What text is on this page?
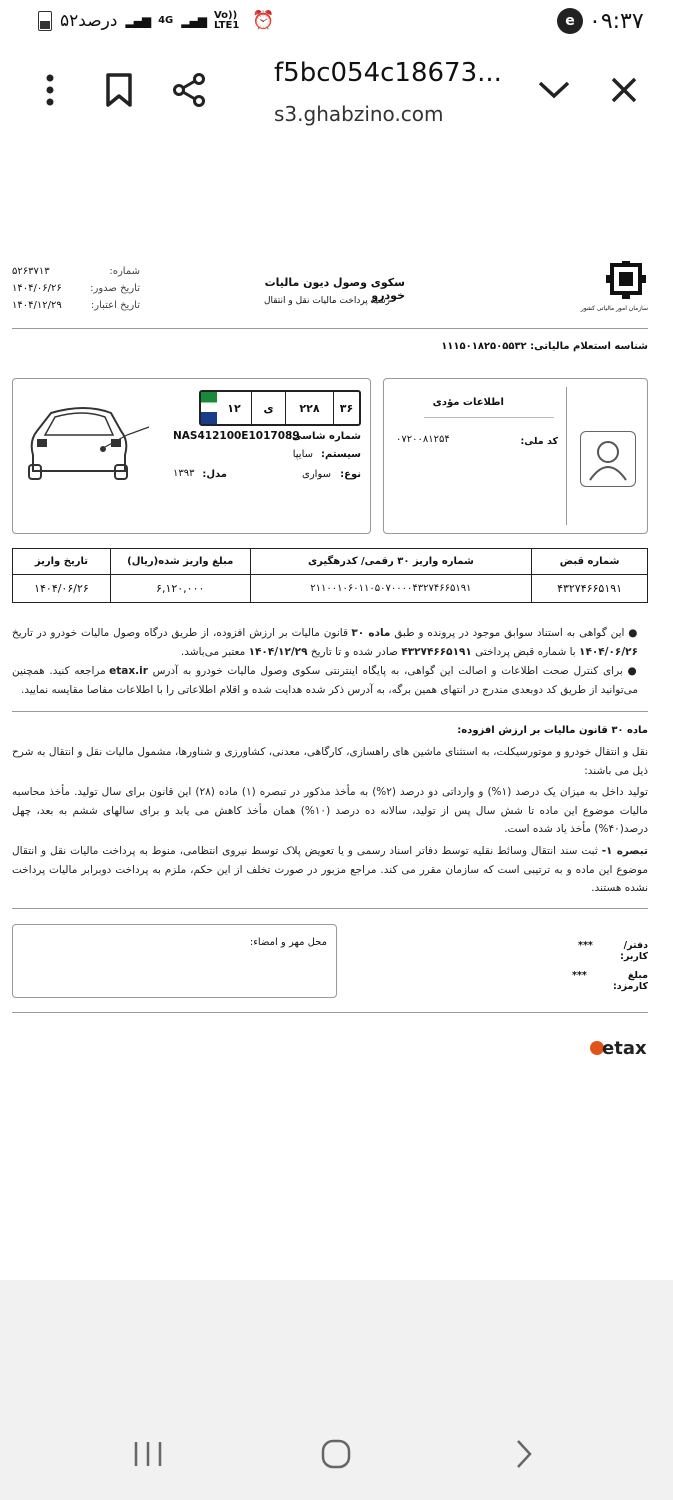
۵۲درصد ▂▄▆ 4G ▂▄▆ Vo)) LTE1 ⏰	e ۰۹:۳۷
f5bc054c18673...
s3.ghabzino.com
سازمان امور مالیاتی کشور
سکوی وصول دیون مالیات خودرو
رسید پرداخت مالیات نقل و انتقال
شماره:
۵۲۶۳۷۱۳
تاریخ صدور:
۱۴۰۴/۰۶/۲۶
تاریخ اعتبار:
۱۴۰۴/۱۲/۲۹
شناسه استعلام مالیاتی: ۱۱۱۵۰۱۸۲۵۰۵۵۳۲
اطلاعات مؤدی
کد ملی:
۰۷۲۰۰۸۱۲۵۴
۳۶
۲۲۸
ی
۱۲
شماره شاسی:
NAS412100E1017089
سیستم:
سایپا
نوع:
سواری
مدل:
۱۳۹۳
شماره قبض	شماره واریز ۳۰ رقمی/ کدرهگیری	مبلغ واریز شده(ریال)	تاریخ واریز
۴۳۲۷۴۶۶۵۱۹۱	۲۱۱۰۰۱۰۶۰۱۱۰۵۰۷۰۰۰۰۴۳۲۷۴۶۶۵۱۹۱	۶,۱۲۰,۰۰۰	۱۴۰۴/۰۶/۲۶
● این گواهی به استناد سوابق موجود در پرونده و طبق ماده ۳۰ قانون مالیات بر ارزش افزوده، از طریق درگاه وصول مالیات خودرو در تاریخ ۱۴۰۴/۰۶/۲۶ با شماره قبض پرداختی ۴۳۲۷۴۶۶۵۱۹۱ صادر شده و تا تاریخ ۱۴۰۴/۱۲/۲۹ معتبر می‌باشد.
● برای کنترل صحت اطلاعات و اصالت این گواهی، به پایگاه اینترنتی سکوی وصول مالیات خودرو به آدرس etax.ir مراجعه کنید. همچنین می‌توانید از طریق کد دوبعدی مندرج در انتهای همین برگه، به آدرس ذکر شده هدایت شده و اقلام اطلاعاتی را با اطلاعات مفاصا مقایسه نمایید.
ماده ۳۰ قانون مالیات بر ارزش افزوده:
نقل و انتقال خودرو و موتورسیکلت، به استثنای ماشین های راهسازی، کارگاهی، معدنی، کشاورزی و شناورها، مشمول مالیات نقل و انتقال به شرح ذیل می باشند:
تولید داخل به میزان یک درصد (۱%) و وارداتی دو درصد (۲%) به مأخذ مذکور در تبصره (۱) ماده (۲۸) این قانون برای سال تولید. مأخذ محاسبه مالیات موضوع این ماده تا شش سال پس از تولید، سالانه ده درصد (۱۰%) همان مأخذ کاهش می یابد و برای سالهای ششم به بعد، چهل درصد(۴۰%) مأخذ یاد شده است.
تبصره ۱- ثبت سند انتقال وسائط نقلیه توسط دفاتر اسناد رسمی و یا تعویض پلاک توسط نیروی انتظامی، منوط به پرداخت مالیات نقل و انتقال موضوع این ماده و به ترتیبی است که سازمان مقرر می کند. مراجع مزبور در صورت تخلف از این حکم، ملزم به پرداخت دوبرابر مالیات پرداخت نشده هستند.
محل مهر و امضاء:	دفتر/ کاربر:
***
مبلغ کارمزد:
***
etax
